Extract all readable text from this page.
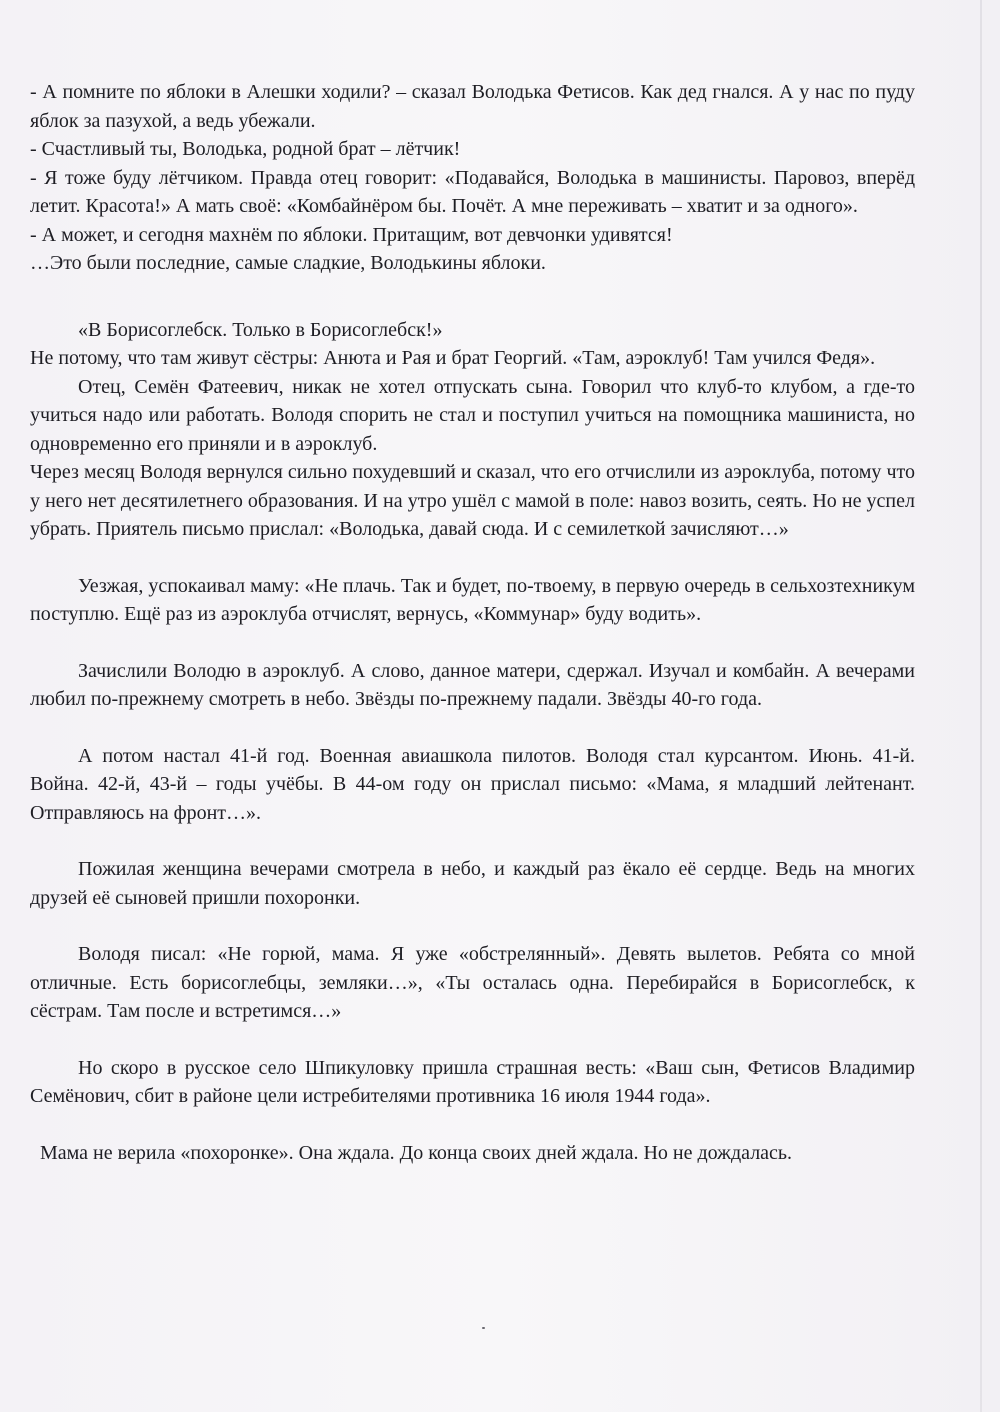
- А помните по яблоки в Алешки ходили? – сказал Володька Фетисов. Как дед гнался. А у нас по пуду яблок за пазухой, а ведь убежали.

- Счастливый ты, Володька, родной брат – лётчик!

- Я тоже буду лётчиком. Правда отец говорит: «Подавайся, Володька в машинисты. Паровоз, вперёд летит. Красота!» А мать своё: «Комбайнёром бы. Почёт. А мне переживать – хватит и за одного».

- А может, и сегодня махнём по яблоки. Притащим, вот девчонки удивятся!

…Это были последние, самые сладкие, Володькины яблоки.

«В Борисоглебск. Только в Борисоглебск!»

Не потому, что там живут сёстры: Анюта и Рая и брат Георгий. «Там, аэроклуб! Там учился Федя».

Отец, Семён Фатеевич, никак не хотел отпускать сына. Говорил что клуб-то клубом, а где-то учиться надо или работать. Володя спорить не стал и поступил учиться на помощника машиниста, но одновременно его приняли и в аэроклуб.

Через месяц Володя вернулся сильно похудевший и сказал, что его отчислили из аэроклуба, потому что у него нет десятилетнего образования. И на утро ушёл с мамой в поле: навоз возить, сеять. Но не успел убрать. Приятель письмо прислал: «Володька, давай сюда. И с семилеткой зачисляют…»

Уезжая, успокаивал маму: «Не плачь. Так и будет, по-твоему, в первую очередь в сельхозтехникум поступлю. Ещё раз из аэроклуба отчислят, вернусь, «Коммунар» буду водить».

Зачислили Володю в аэроклуб. А слово, данное матери, сдержал. Изучал и комбайн. А вечерами любил по-прежнему смотреть в небо. Звёзды по-прежнему падали. Звёзды 40-го года.

А потом настал 41-й год. Военная авиашкола пилотов. Володя стал курсантом. Июнь. 41-й. Война. 42-й, 43-й – годы учёбы. В 44-ом году он прислал письмо: «Мама, я младший лейтенант. Отправляюсь на фронт…».

Пожилая женщина вечерами смотрела в небо, и каждый раз ёкало её сердце. Ведь на многих друзей её сыновей пришли похоронки.

Володя писал: «Не горюй, мама. Я уже «обстрелянный». Девять вылетов. Ребята со мной отличные. Есть борисоглебцы, земляки…», «Ты осталась одна. Перебирайся в Борисоглебск, к сёстрам. Там после и встретимся…»

Но скоро в русское село Шпикуловку пришла страшная весть: «Ваш сын, Фетисов Владимир Семёнович, сбит в районе цели истребителями противника 16 июля 1944 года».

Мама не верила «похоронке». Она ждала. До конца своих дней ждала. Но не дождалась.
